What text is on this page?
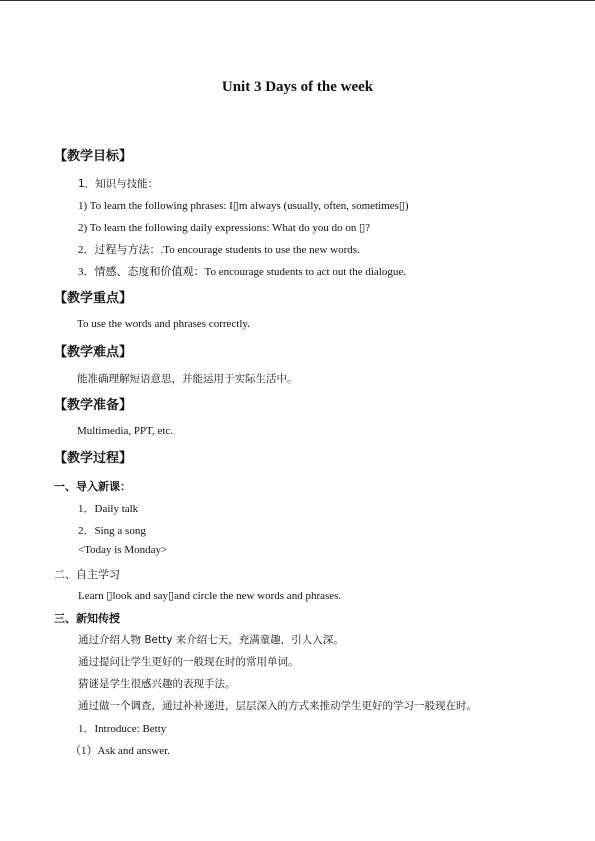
Unit 3 Days of the week
【教学目标】
1．知识与技能：
1) To learn the following phrases: I▯m always (usually, often, sometimes▯)
2) To learn the following daily expressions: What do you do on ▯?
2．过程与方法：.To encourage students to use the new words.
3．情感、态度和价值观：To encourage students to act out the dialogue.
【教学重点】
To use the words and phrases correctly.
【教学难点】
能准确理解短语意思，并能运用于实际生活中。
【教学准备】
Multimedia, PPT, etc.
【教学过程】
一、导入新课：
1．Daily talk
2．Sing a song
<Today is Monday>
二、自主学习
Learn ▯look and say▯and circle the new words and phrases.
三、新知传授
通过介绍人物 Betty 来介绍七天，充满童趣，引人入深。
通过提问让学生更好的一般现在时的常用单词。
猜谜是学生很感兴趣的表现手法。
通过做一个调查，通过补补递进，层层深入的方式来推动学生更好的学习一般现在时。
1．Introduce: Betty
（1）Ask and answer.
